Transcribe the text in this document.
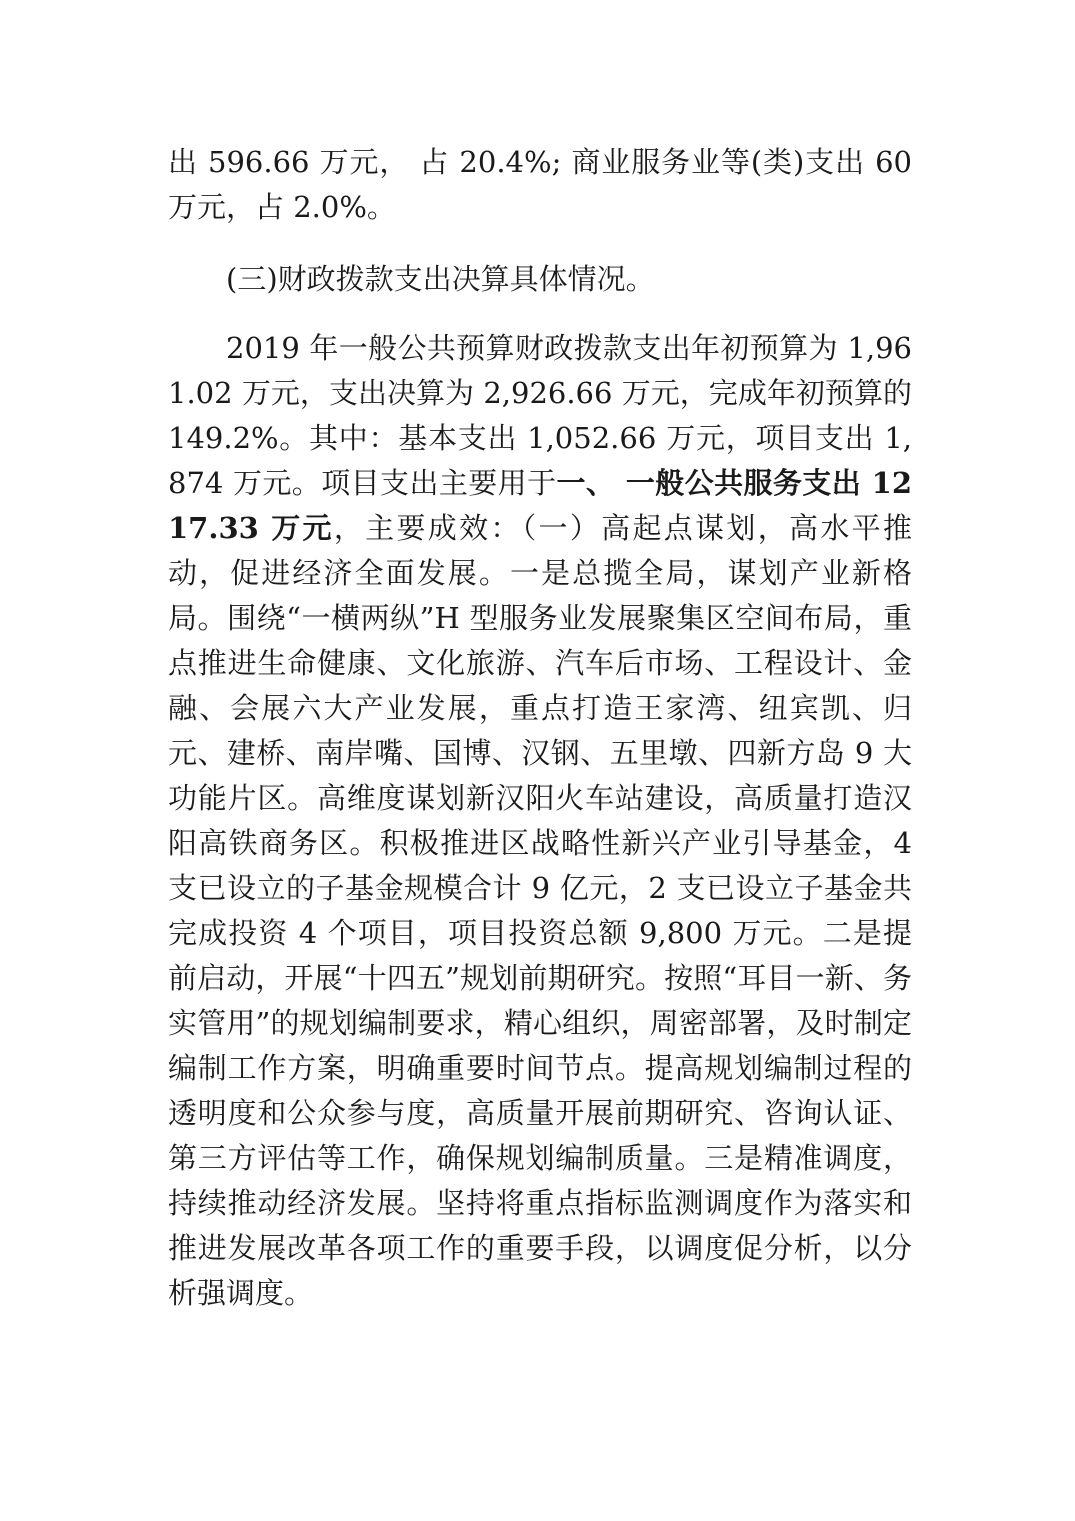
出 596.66 万元， 占 20.4%; 商业服务业等(类)支出 60 万元，占 2.0%。

(三)财政拨款支出决算具体情况。

2019 年一般公共预算财政拨款支出年初预算为 1,961.02 万元，支出决算为 2,926.66 万元，完成年初预算的 149.2%。其中：基本支出 1,052.66 万元，项目支出 1,874 万元。项目支出主要用于一、 一般公共服务支出 1217.33 万元，主要成效：（一）高起点谋划，高水平推动，促进经济全面发展。一是总揽全局，谋划产业新格局。围绕“一横两纵”H 型服务业发展聚集区空间布局，重点推进生命健康、文化旅游、汽车后市场、工程设计、金融、会展六大产业发展，重点打造王家湾、纽宾凯、归元、建桥、南岸嘴、国博、汉钢、五里墩、四新方岛 9 大功能片区。高维度谋划新汉阳火车站建设，高质量打造汉阳高铁商务区。积极推进区战略性新兴产业引导基金，4 支已设立的子基金规模合计 9 亿元，2 支已设立子基金共完成投资 4 个项目，项目投资总额 9,800 万元。二是提前启动，开展“十四五”规划前期研究。按照“耳目一新、务实管用”的规划编制要求，精心组织，周密部署，及时制定编制工作方案，明确重要时间节点。提高规划编制过程的透明度和公众参与度，高质量开展前期研究、咨询认证、第三方评估等工作，确保规划编制质量。三是精准调度，持续推动经济发展。坚持将重点指标监测调度作为落实和推进发展改革各项工作的重要手段，以调度促分析，以分析强调度。
